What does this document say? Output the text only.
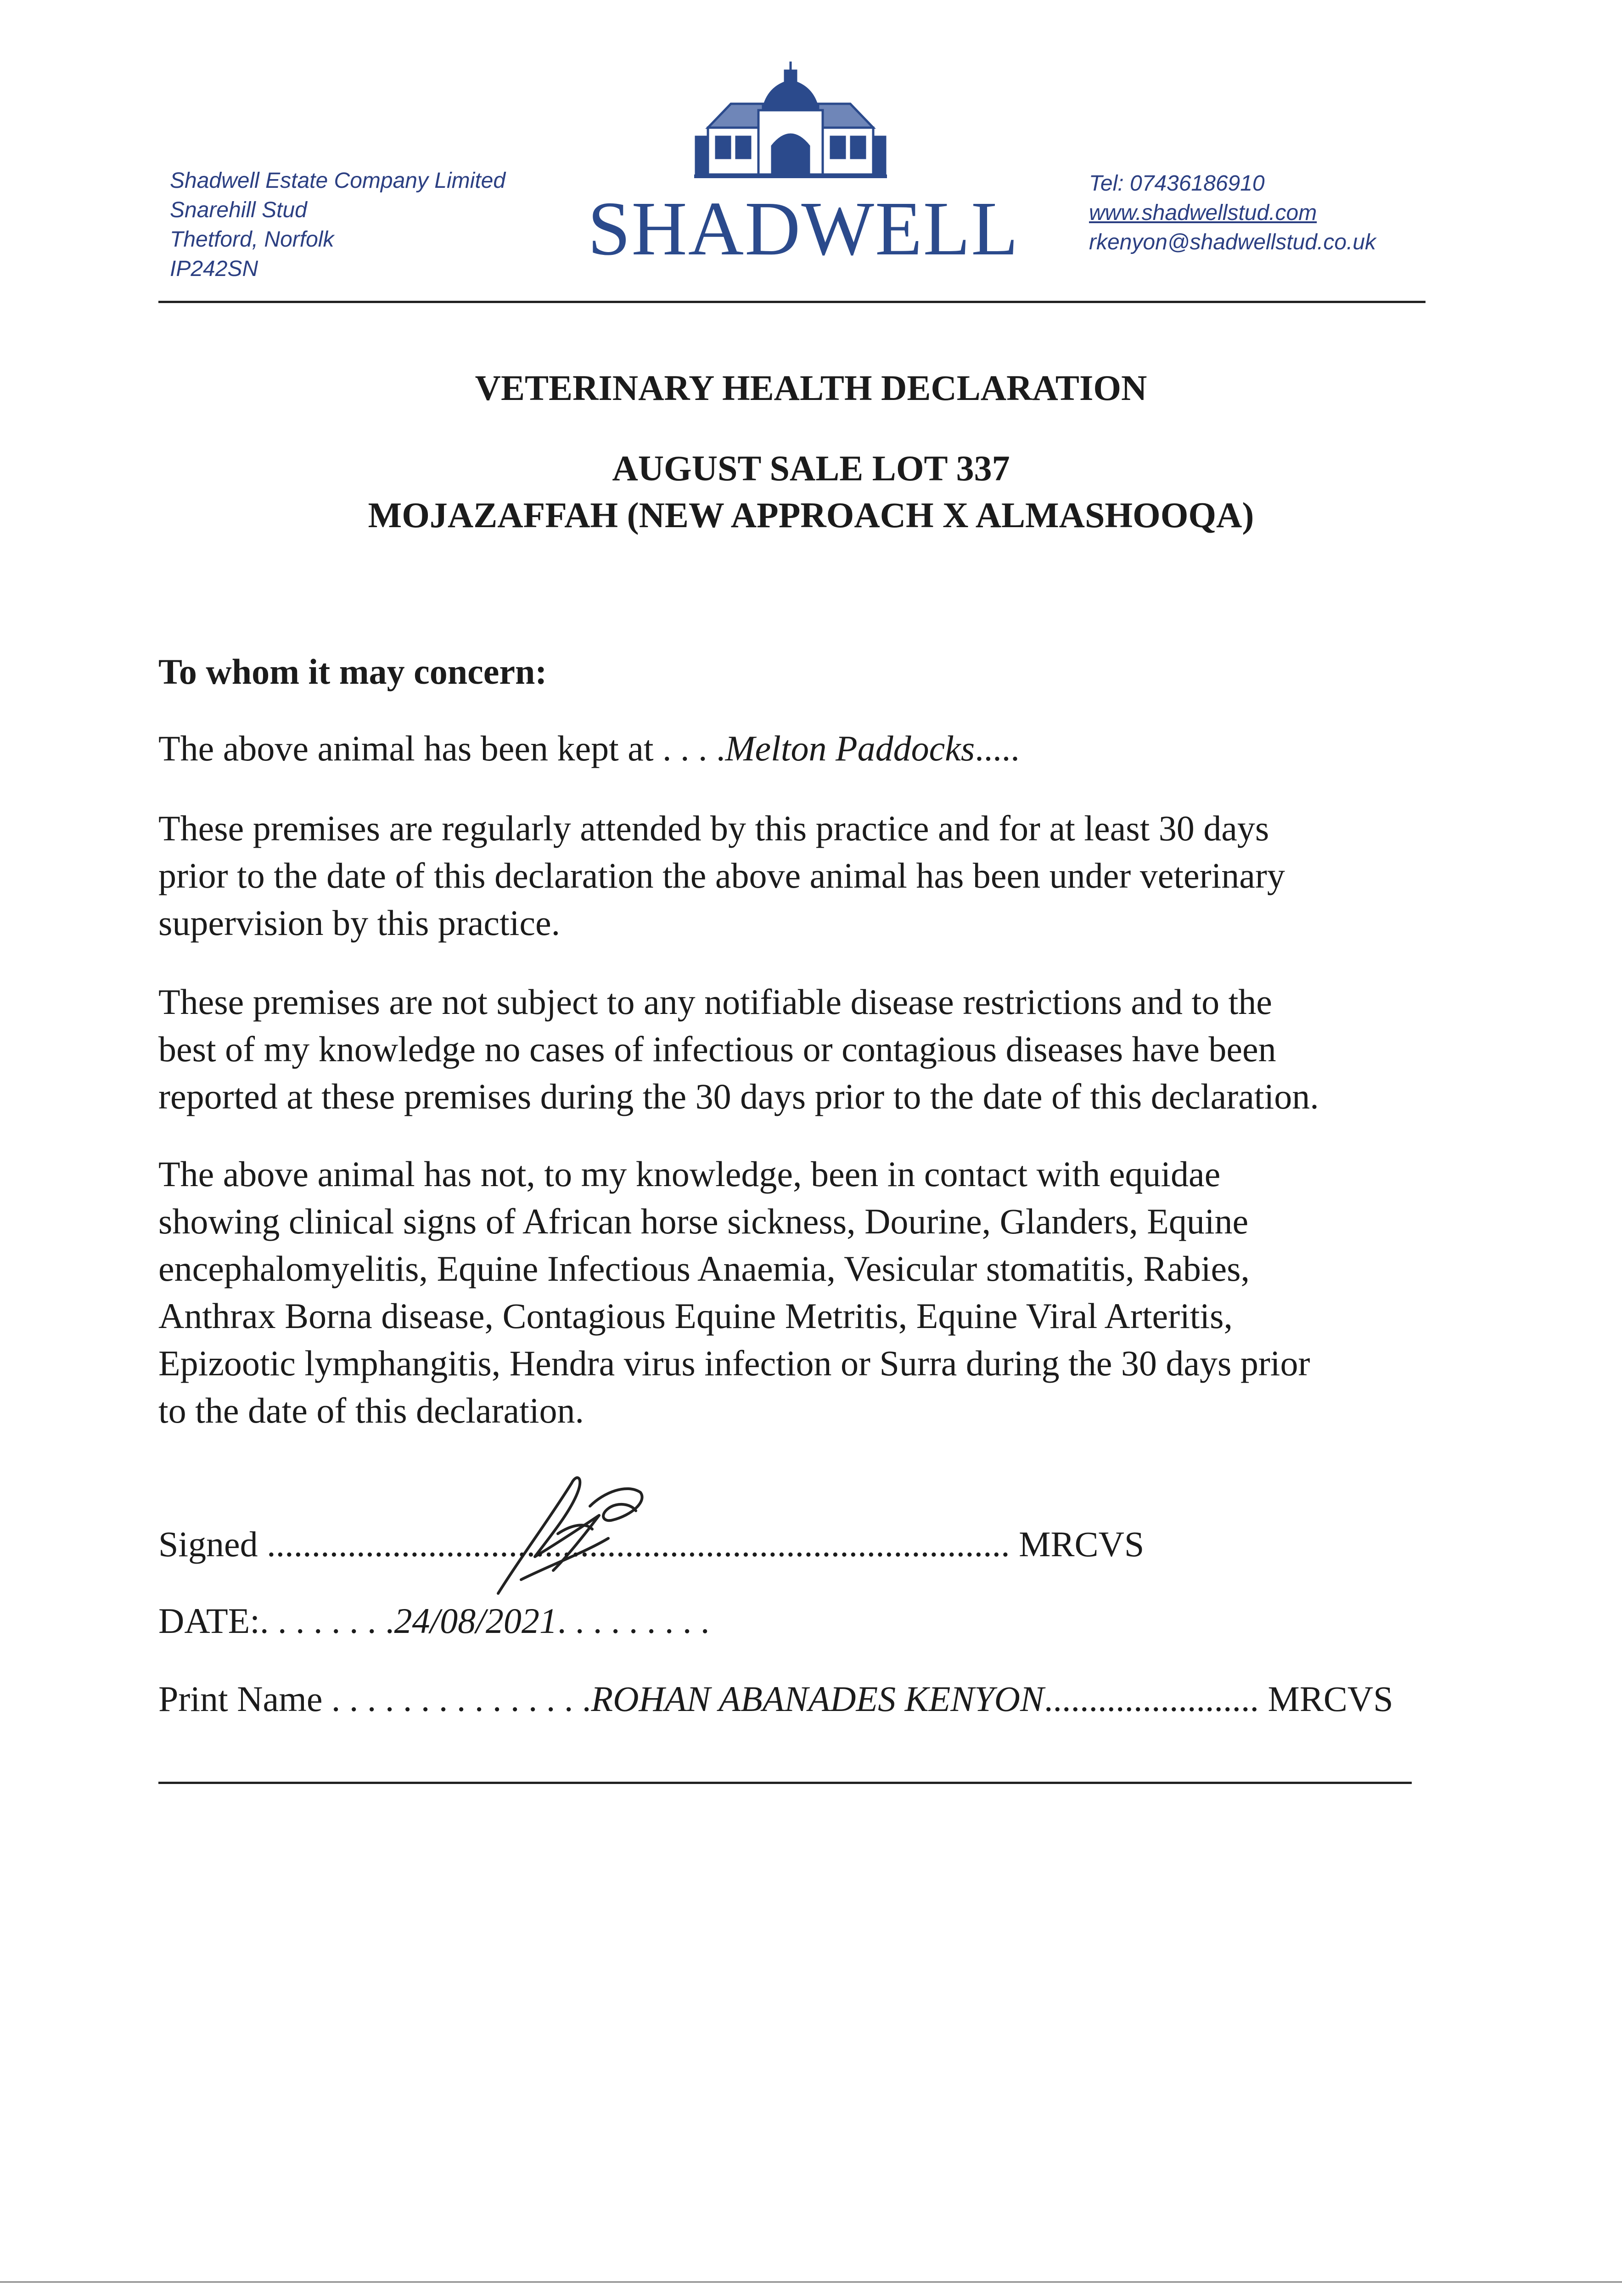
Shadwell Estate Company Limited
Snarehill Stud
Thetford, Norfolk
IP242SN	SHADWELL
Tel: 07436186910
www.shadwellstud.com
rkenyon@shadwellstud.co.uk
VETERINARY HEALTH DECLARATION
AUGUST SALE LOT 337
MOJAZAFFAH (NEW APPROACH X ALMASHOOQA)
To whom it may concern:
The above animal has been kept at . . . .Melton Paddocks.....
These premises are regularly attended by this practice and for at least 30 days
prior to the date of this declaration the above animal has been under veterinary
supervision by this practice.
These premises are not subject to any notifiable disease restrictions and to the
best of my knowledge no cases of infectious or contagious diseases have been
reported at these premises during the 30 days prior to the date of this declaration.
The above animal has not, to my knowledge, been in contact with equidae
showing clinical signs of African horse sickness, Dourine, Glanders, Equine
encephalomyelitis, Equine Infectious Anaemia, Vesicular stomatitis, Rabies,
Anthrax Borna disease, Contagious Equine Metritis, Equine Viral Arteritis,
Epizootic lymphangitis, Hendra virus infection or Surra during the 30 days prior
to the date of this declaration.
Signed ................................................................................... MRCVS
DATE:. . . . . . . .24/08/2021. . . . . . . . .
Print Name . . . . . . . . . . . . . . .ROHAN ABANADES KENYON........................ MRCVS
